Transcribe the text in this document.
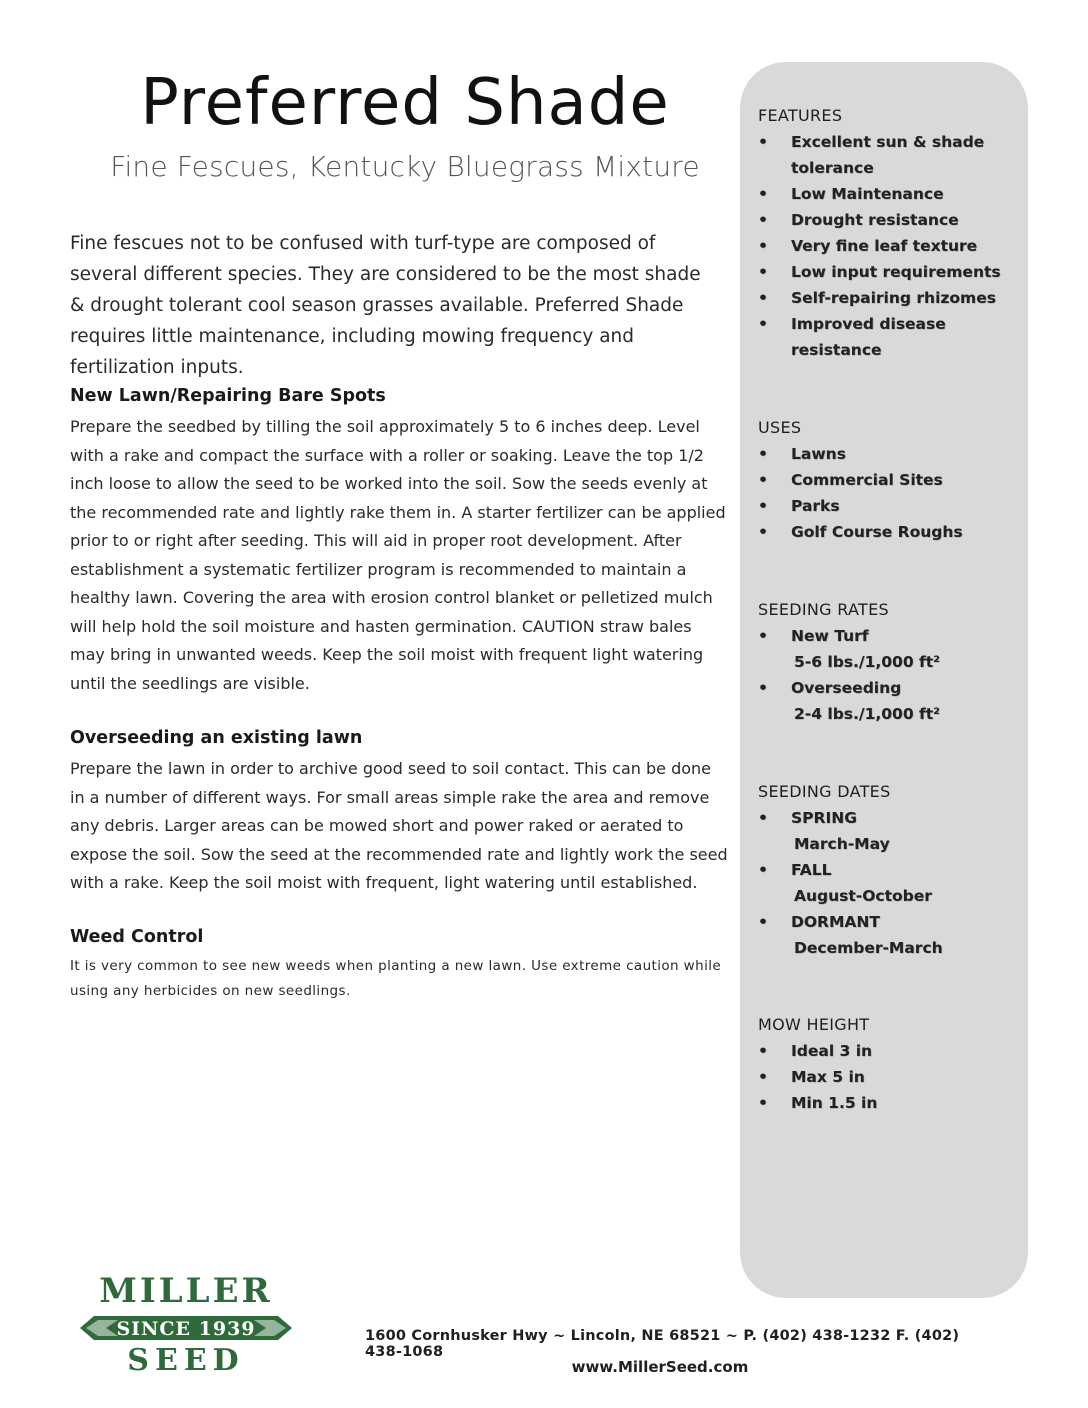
Preferred Shade
Fine Fescues, Kentucky Bluegrass Mixture
Fine fescues not to be confused with turf-type are composed of several different species. They are considered to be the most shade & drought tolerant cool season grasses available. Preferred Shade requires little maintenance, including mowing frequency and fertilization inputs.
New Lawn/Repairing Bare Spots
Prepare the seedbed by tilling the soil approximately 5 to 6 inches deep. Level with a rake and compact the surface with a roller or soaking. Leave the top 1/2 inch loose to allow the seed to be worked into the soil. Sow the seeds evenly at the recommended rate and lightly rake them in. A starter fertilizer can be applied prior to or right after seeding. This will aid in proper root development. After establishment a systematic fertilizer program is recommended to maintain a healthy lawn. Covering the area with erosion control blanket or pelletized mulch will help hold the soil moisture and hasten germination. CAUTION straw bales may bring in unwanted weeds. Keep the soil moist with frequent light watering until the seedlings are visible.
Overseeding an existing lawn
Prepare the lawn in order to archive good seed to soil contact. This can be done in a number of different ways. For small areas simple rake the area and remove any debris. Larger areas can be mowed short and power raked or aerated to expose the soil. Sow the seed at the recommended rate and lightly work the seed with a rake. Keep the soil moist with frequent, light watering until established.
Weed Control
It is very common to see new weeds when planting a new lawn. Use extreme caution while using any herbicides on new seedlings.
FEATURES
• Excellent sun & shade tolerance
• Low Maintenance
• Drought resistance
• Very fine leaf texture
• Low input requirements
• Self-repairing rhizomes
• Improved disease resistance
USES
• Lawns
• Commercial Sites
• Parks
• Golf Course Roughs
SEEDING RATES
• New Turf
5-6 lbs./1,000 ft²
• Overseeding
2-4 lbs./1,000 ft²
SEEDING DATES
• SPRING
March-May
• FALL
August-October
• DORMANT
December-March
MOW HEIGHT
• Ideal 3 in
• Max 5 in
• Min 1.5 in
MILLER
SINCE 1939
SEED
1600 Cornhusker Hwy ~ Lincoln, NE 68521 ~ P. (402) 438-1232 F. (402) 438-1068
www.MillerSeed.com
